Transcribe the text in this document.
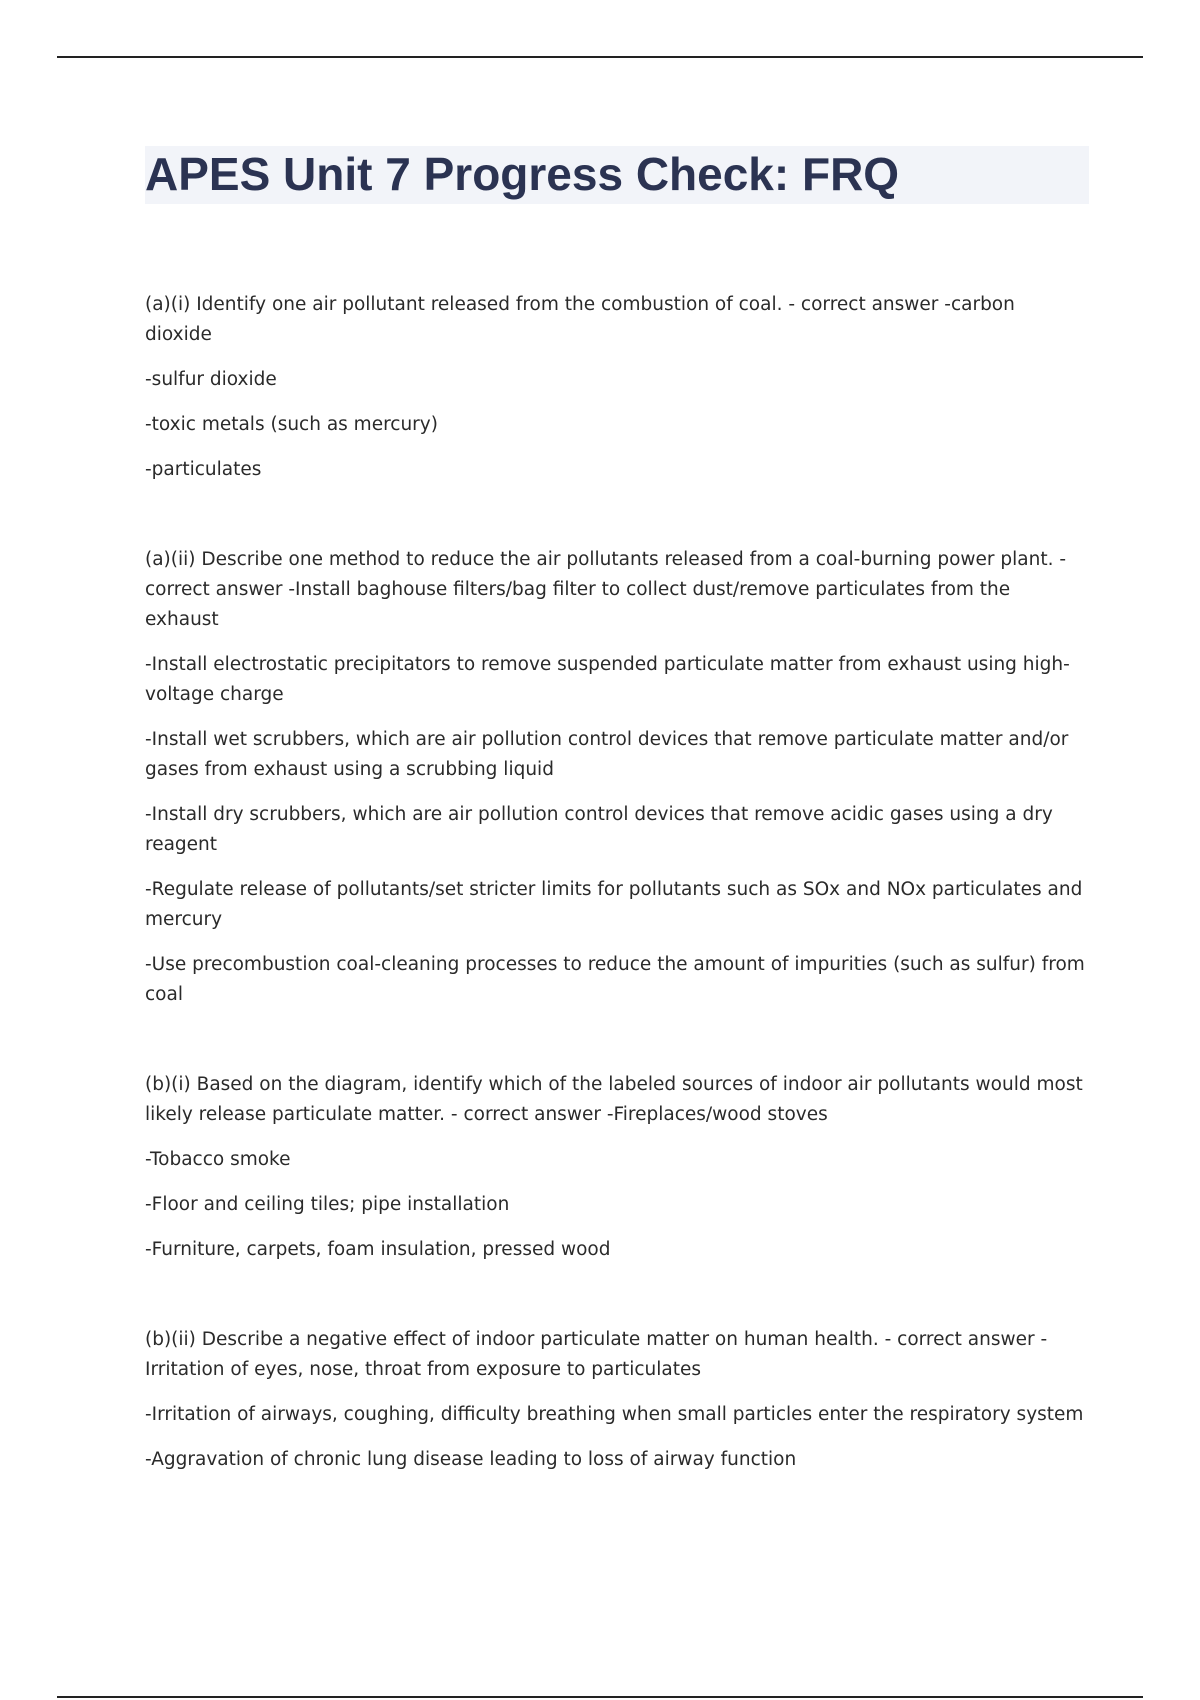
APES Unit 7 Progress Check: FRQ

(a)(i) Identify one air pollutant released from the combustion of coal. - correct answer -carbon dioxide

-sulfur dioxide

-toxic metals (such as mercury)

-particulates

(a)(ii) Describe one method to reduce the air pollutants released from a coal-burning power plant. - correct answer -Install baghouse filters/bag filter to collect dust/remove particulates from the exhaust

-Install electrostatic precipitators to remove suspended particulate matter from exhaust using high-voltage charge

-Install wet scrubbers, which are air pollution control devices that remove particulate matter and/or gases from exhaust using a scrubbing liquid

-Install dry scrubbers, which are air pollution control devices that remove acidic gases using a dry reagent

-Regulate release of pollutants/set stricter limits for pollutants such as SOx and NOx particulates and mercury

-Use precombustion coal-cleaning processes to reduce the amount of impurities (such as sulfur) from coal

(b)(i) Based on the diagram, identify which of the labeled sources of indoor air pollutants would most likely release particulate matter. - correct answer -Fireplaces/wood stoves

-Tobacco smoke

-Floor and ceiling tiles; pipe installation

-Furniture, carpets, foam insulation, pressed wood

(b)(ii) Describe a negative effect of indoor particulate matter on human health. - correct answer -Irritation of eyes, nose, throat from exposure to particulates

-Irritation of airways, coughing, difficulty breathing when small particles enter the respiratory system

-Aggravation of chronic lung disease leading to loss of airway function
